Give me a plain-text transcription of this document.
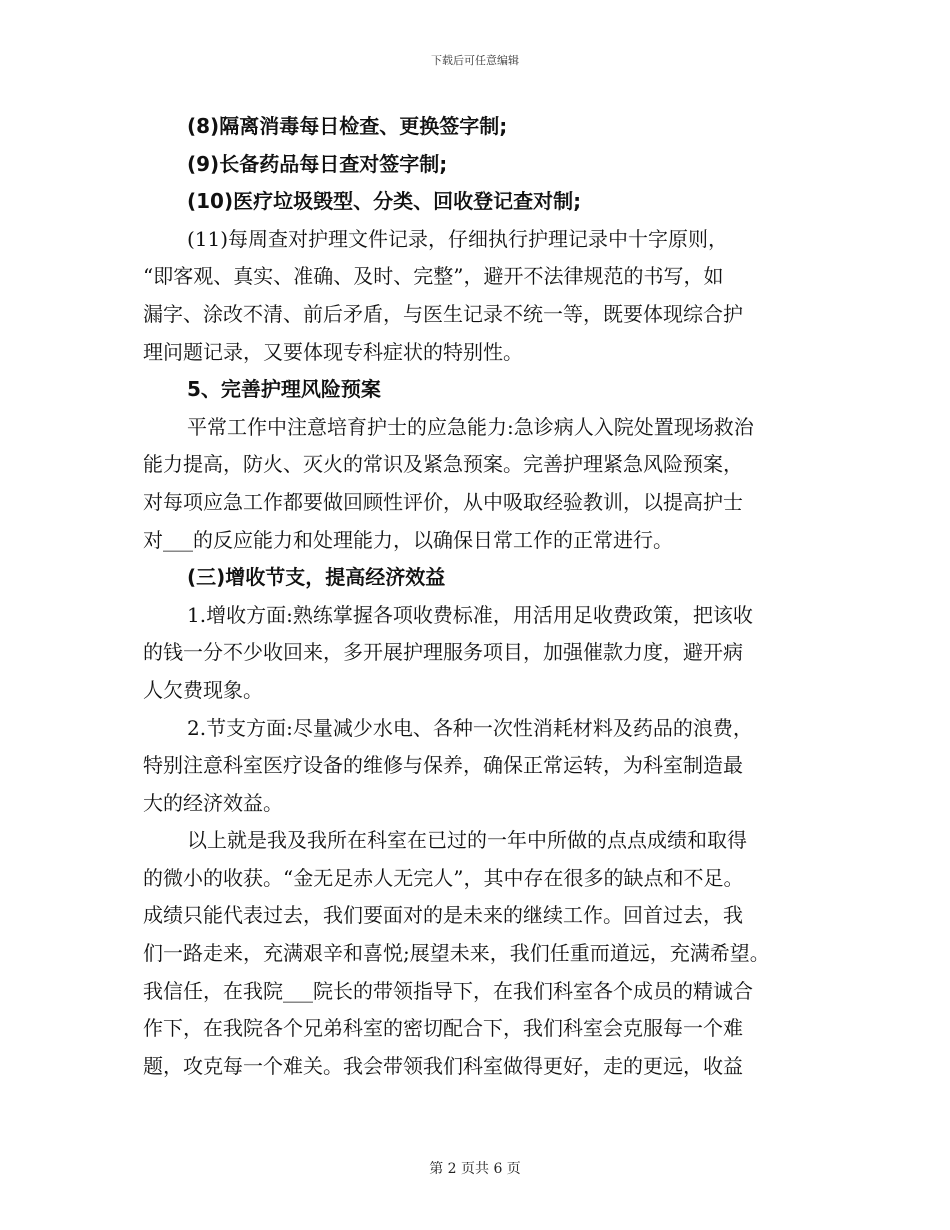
下载后可任意编辑
(8)隔离消毒每日检查、更换签字制;
(9)长备药品每日查对签字制;
(10)医疗垃圾毁型、分类、回收登记查对制;
(11)每周查对护理文件记录，仔细执行护理记录中十字原则，
“即客观、真实、准确、及时、完整”，避开不法律规范的书写，如
漏字、涂改不清、前后矛盾，与医生记录不统一等，既要体现综合护
理问题记录，又要体现专科症状的特别性。
5、完善护理风险预案
平常工作中注意培育护士的应急能力:急诊病人入院处置现场救治
能力提高，防火、灭火的常识及紧急预案。完善护理紧急风险预案，
对每项应急工作都要做回顾性评价，从中吸取经验教训，以提高护士
对___的反应能力和处理能力，以确保日常工作的正常进行。
(三)增收节支，提高经济效益
1.增收方面:熟练掌握各项收费标准，用活用足收费政策，把该收
的钱一分不少收回来，多开展护理服务项目，加强催款力度，避开病
人欠费现象。
2.节支方面:尽量减少水电、各种一次性消耗材料及药品的浪费，
特别注意科室医疗设备的维修与保养，确保正常运转，为科室制造最
大的经济效益。
以上就是我及我所在科室在已过的一年中所做的点点成绩和取得
的微小的收获。“金无足赤人无完人”，其中存在很多的缺点和不足。
成绩只能代表过去，我们要面对的是未来的继续工作。回首过去，我
们一路走来，充满艰辛和喜悦;展望未来，我们任重而道远，充满希望。
我信任，在我院___院长的带领指导下，在我们科室各个成员的精诚合
作下，在我院各个兄弟科室的密切配合下，我们科室会克服每一个难
题，攻克每一个难关。我会带领我们科室做得更好，走的更远，收益
第 2 页共 6 页
